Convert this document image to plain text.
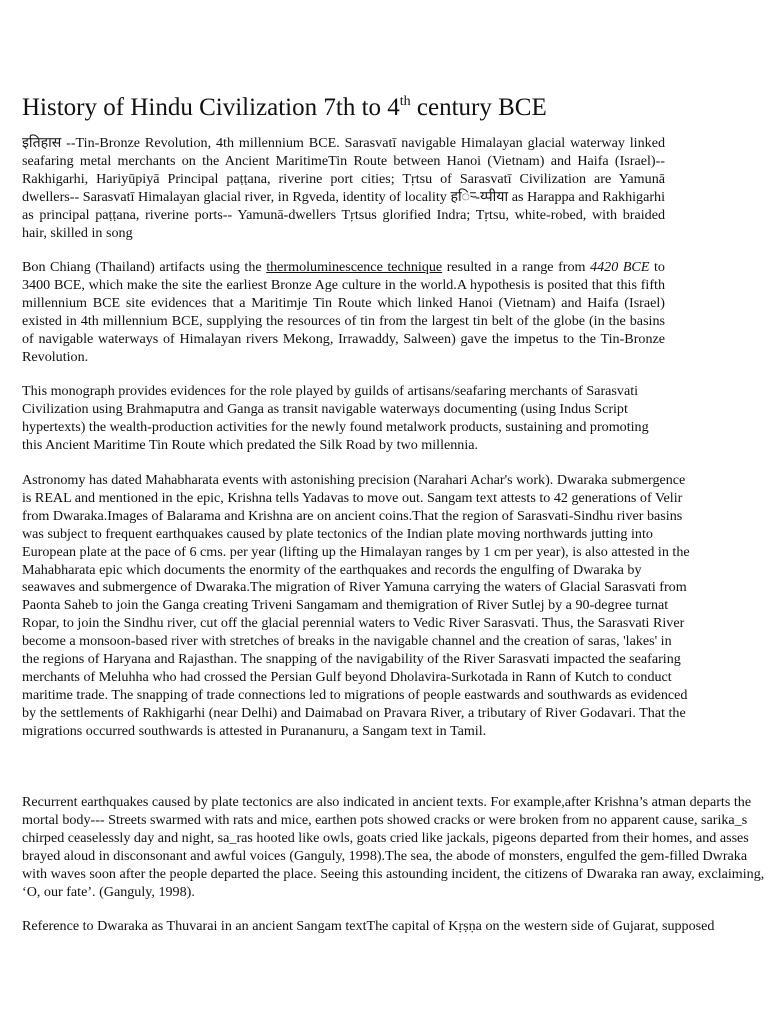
History of Hindu Civilization 7th to 4th century BCE

इतिहास --Tin-Bronze Revolution, 4th millennium BCE. Sarasvatī navigable Himalayan glacial waterway linked seafaring metal merchants on the Ancient MaritimeTin Route between Hanoi (Vietnam) and Haifa (Israel)-- Rakhigarhi, Hariyūpiyā Principal paṭṭana, riverine port cities; Tṛtsu of Sarasvatī Civilization are Yamunā dwellers-- Sarasvatī Himalayan glacial river, in Rgveda, identity of locality हर्‍ि-य्पीया as Harappa and Rakhigarhi as principal paṭṭana, riverine ports-- Yamunā-dwellers Tṛtsus glorified Indra; Tṛtsu, white-robed, with braided hair, skilled in song

Bon Chiang (Thailand) artifacts using the thermoluminescence technique resulted in a range from 4420 BCE to 3400 BCE, which make the site the earliest Bronze Age culture in the world.A hypothesis is posited that this fifth millennium BCE site evidences that a Maritimje Tin Route which linked Hanoi (Vietnam) and Haifa (Israel) existed in 4th millennium BCE, supplying the resources of tin from the largest tin belt of the globe (in the basins of navigable waterways of Himalayan rivers Mekong, Irrawaddy, Salween) gave the impetus to the Tin-Bronze Revolution.

This monograph provides evidences for the role played by guilds of artisans/seafaring merchants of Sarasvati Civilization using Brahmaputra and Ganga as transit navigable waterways documenting (using Indus Script hypertexts) the wealth-production activities for the newly found metalwork products, sustaining and promoting this Ancient Maritime Tin Route which predated the Silk Road by two millennia.

Astronomy has dated Mahabharata events with astonishing precision (Narahari Achar's work). Dwaraka submergence is REAL and mentioned in the epic, Krishna tells Yadavas to move out. Sangam text attests to 42 generations of Velir from Dwaraka.Images of Balarama and Krishna are on ancient coins.That the region of Sarasvati-Sindhu river basins was subject to frequent earthquakes caused by plate tectonics of the Indian plate moving northwards jutting into European plate at the pace of 6 cms. per year (lifting up the Himalayan ranges by 1 cm per year), is also attested in the Mahabharata epic which documents the enormity of the earthquakes and records the engulfing of Dwaraka by seawaves and submergence of Dwaraka.The migration of River Yamuna carrying the waters of Glacial Sarasvati from Paonta Saheb to join the Ganga creating Triveni Sangamam and themigration of River Sutlej by a 90-degree turnat Ropar, to join the Sindhu river, cut off the glacial perennial waters to Vedic River Sarasvati. Thus, the Sarasvati River become a monsoon-based river with stretches of breaks in the navigable channel and the creation of saras, 'lakes' in the regions of Haryana and Rajasthan. The snapping of the navigability of the River Sarasvati impacted the seafaring merchants of Meluhha who had crossed the Persian Gulf beyond Dholavira-Surkotada in Rann of Kutch to conduct maritime trade. The snapping of trade connections led to migrations of people eastwards and southwards as evidenced by the settlements of Rakhigarhi (near Delhi) and Daimabad on Pravara River, a tributary of River Godavari. That the migrations occurred southwards is attested in Purananuru, a Sangam text in Tamil.

Recurrent earthquakes caused by plate tectonics are also indicated in ancient texts. For example,after Krishna’s atman departs the mortal body--- Streets swarmed with rats and mice, earthen pots showed cracks or were broken from no apparent cause, sarika_s chirped ceaselessly day and night, sa_ras hooted like owls, goats cried like jackals, pigeons departed from their homes, and asses brayed aloud in disconsonant and awful voices (Ganguly, 1998).The sea, the abode of monsters, engulfed the gem-filled Dwraka with waves soon after the people departed the place. Seeing this astounding incident, the citizens of Dwaraka ran away, exclaiming, ‘O, our fate’. (Ganguly, 1998).

Reference to Dwaraka as Thuvarai in an ancient Sangam textThe capital of Kṛṣṇa on the western side of Gujarat, supposed
